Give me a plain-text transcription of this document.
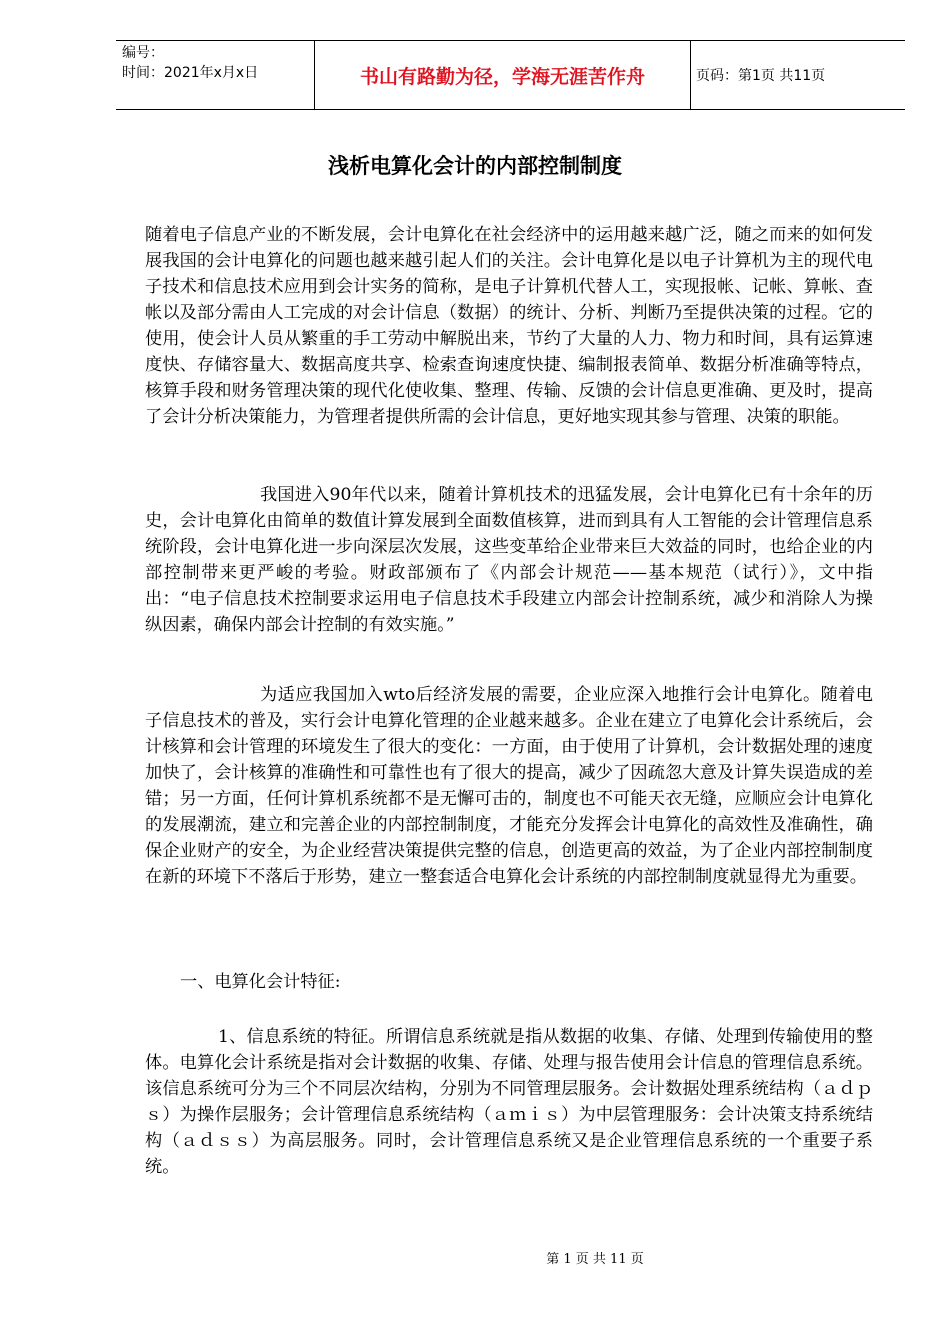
编号：
时间：2021年x月x日	书山有路勤为径，学海无涯苦作舟	页码：第1页 共11页
浅析电算化会计的内部控制制度

随着电子信息产业的不断发展，会计电算化在社会经济中的运用越来越广泛，随之而来的如何发展我国的会计电算化的问题也越来越引起人们的关注。会计电算化是以电子计算机为主的现代电子技术和信息技术应用到会计实务的简称，是电子计算机代替人工，实现报帐、记帐、算帐、查帐以及部分需由人工完成的对会计信息（数据）的统计、分析、判断乃至提供决策的过程。它的使用，使会计人员从繁重的手工劳动中解脱出来，节约了大量的人力、物力和时间，具有运算速度快、存储容量大、数据高度共享、检索查询速度快捷、编制报表简单、数据分析准确等特点，核算手段和财务管理决策的现代化使收集、整理、传输、反馈的会计信息更准确、更及时，提高了会计分析决策能力，为管理者提供所需的会计信息，更好地实现其参与管理、决策的职能。

我国进入90年代以来，随着计算机技术的迅猛发展，会计电算化已有十余年的历史，会计电算化由简单的数值计算发展到全面数值核算，进而到具有人工智能的会计管理信息系统阶段，会计电算化进一步向深层次发展，这些变革给企业带来巨大效益的同时，也给企业的内部控制带来更严峻的考验。财政部颁布了《内部会计规范——基本规范（试行）》，文中指出：“电子信息技术控制要求运用电子信息技术手段建立内部会计控制系统，减少和消除人为操纵因素，确保内部会计控制的有效实施。”

为适应我国加入wto后经济发展的需要，企业应深入地推行会计电算化。随着电子信息技术的普及，实行会计电算化管理的企业越来越多。企业在建立了电算化会计系统后，会计核算和会计管理的环境发生了很大的变化：一方面，由于使用了计算机，会计数据处理的速度加快了，会计核算的准确性和可靠性也有了很大的提高，减少了因疏忽大意及计算失误造成的差错；另一方面，任何计算机系统都不是无懈可击的，制度也不可能天衣无缝，应顺应会计电算化的发展潮流，建立和完善企业的内部控制制度，才能充分发挥会计电算化的高效性及准确性，确保企业财产的安全，为企业经营决策提供完整的信息，创造更高的效益，为了企业内部控制制度在新的环境下不落后于形势，建立一整套适合电算化会计系统的内部控制制度就显得尤为重要。

一、电算化会计特征:

1、信息系统的特征。所谓信息系统就是指从数据的收集、存储、处理到传输使用的整体。电算化会计系统是指对会计数据的收集、存储、处理与报告使用会计信息的管理信息系统。该信息系统可分为三个不同层次结构，分别为不同管理层服务。会计数据处理系统结构（ａｄｐｓ）为操作层服务；会计管理信息系统结构（ａｍｉｓ）为中层管理服务：会计决策支持系统结构（ａｄｓｓ）为高层服务。同时，会计管理信息系统又是企业管理信息系统的一个重要子系统。

第 1 页 共 11 页
